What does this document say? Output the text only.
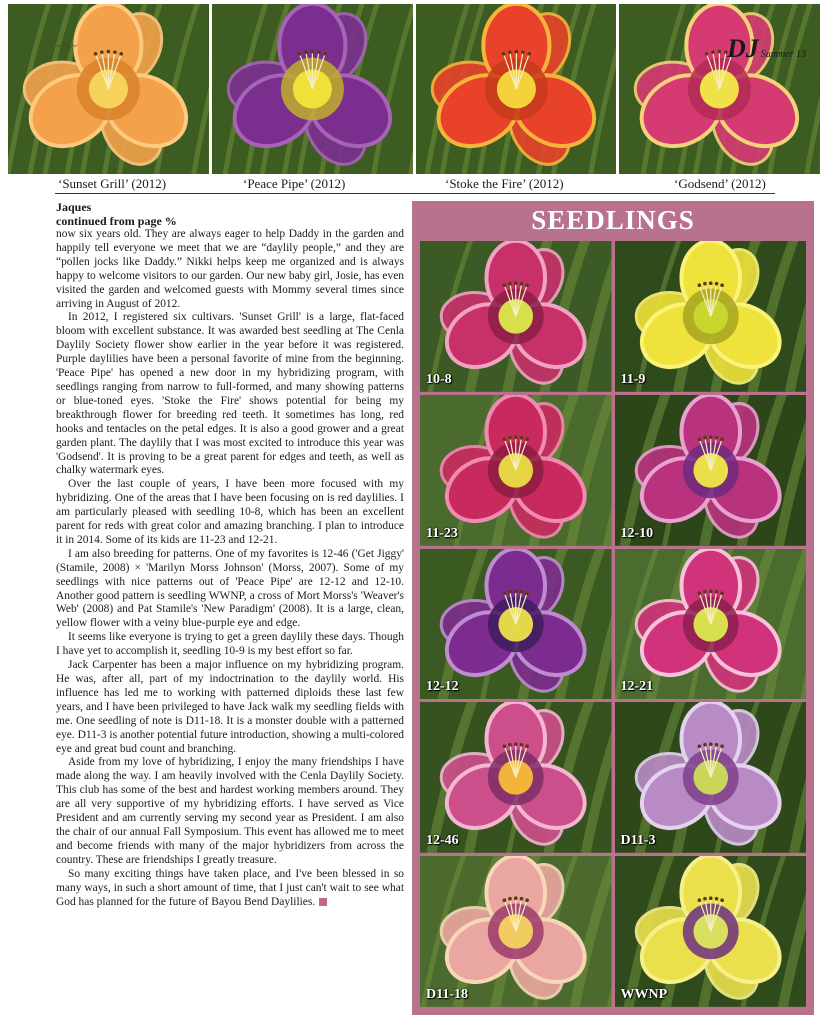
~%~	DJ Summer 13
‘Sunset Grill’ (2012)	‘Peace Pipe’ (2012)	‘Stoke the Fire’ (2012)	‘Godsend’ (2012)
Jaques
continued from page %

now six years old. They are always eager to help Daddy in the garden and happily tell everyone we meet that we are “daylily people,” and they are “pollen jocks like Daddy.” Nikki helps keep me organized and is always happy to welcome visitors to our garden. Our new baby girl, Josie, has even visited the garden and welcomed guests with Mommy several times since arriving in August of 2012.

In 2012, I registered six cultivars. 'Sunset Grill' is a large, flat-faced bloom with excellent substance. It was awarded best seedling at The Cenla Daylily Society flower show earlier in the year before it was registered. Purple daylilies have been a personal favorite of mine from the beginning. 'Peace Pipe' has opened a new door in my hybridizing program, with seedlings ranging from narrow to full-formed, and many showing patterns or blue-toned eyes. 'Stoke the Fire' shows potential for being my breakthrough flower for breeding red teeth. It sometimes has long, red hooks and tentacles on the petal edges. It is also a good grower and a great garden plant. The daylily that I was most excited to introduce this year was 'Godsend'. It is proving to be a great parent for edges and teeth, as well as chalky watermark eyes.

Over the last couple of years, I have been more focused with my hybridizing. One of the areas that I have been focusing on is red daylilies. I am particularly pleased with seedling 10-8, which has been an excellent parent for reds with great color and amazing branching. I plan to introduce it in 2014. Some of its kids are 11-23 and 12-21.

I am also breeding for patterns. One of my favorites is 12-46 ('Get Jiggy' (Stamile, 2008) × 'Marilyn Morss Johnson' (Morss, 2007). Some of my seedlings with nice patterns out of 'Peace Pipe' are 12-12 and 12-10. Another good pattern is seedling WWNP, a cross of Mort Morss's 'Weaver's Web' (2008) and Pat Stamile's 'New Paradigm' (2008). It is a large, clean, yellow flower with a veiny blue-purple eye and edge.

It seems like everyone is trying to get a green daylily these days. Though I have yet to accomplish it, seedling 10-9 is my best effort so far.

Jack Carpenter has been a major influence on my hybridizing program. He was, after all, part of my indoctrination to the daylily world. His influence has led me to working with patterned diploids these last few years, and I have been privileged to have Jack walk my seedling fields with me. One seedling of note is D11-18. It is a monster double with a patterned eye. D11-3 is another potential future introduction, showing a multi-colored eye and great bud count and branching.

Aside from my love of hybridizing, I enjoy the many friendships I have made along the way. I am heavily involved with the Cenla Daylily Society. This club has some of the best and hardest working members around. They are all very supportive of my hybridizing efforts. I have served as Vice President and am currently serving my second year as President. I am also the chair of our annual Fall Symposium. This event has allowed me to meet and become friends with many of the major hybridizers from across the country. These are friendships I greatly treasure.

So many exciting things have taken place, and I've been blessed in so many ways, in such a short amount of time, that I just can't wait to see what God has planned for the future of Bayou Bend Daylilies.

SEEDLINGS
10-8	11-9
11-23	12-10
12-12	12-21
12-46	D11-3
D11-18	WWNP
